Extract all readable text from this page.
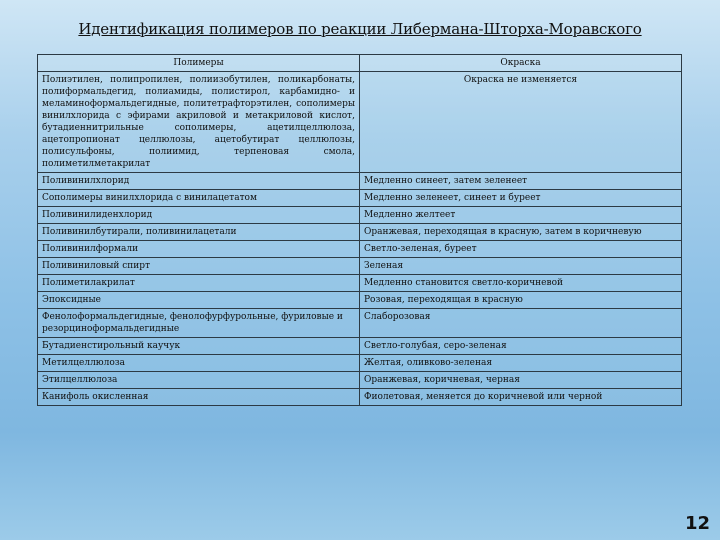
Идентификация полимеров по реакции Либермана-Шторха-Моравского
Полимеры	Окраска
Полиэтилен, полипропилен, полиизобутилен, поликарбонаты, полиформальдегид, полиамиды, полистирол, карбамидно- и меламиноформальдегидные, политетрафторэтилен, сополимеры винилхлорида с эфирами акриловой и метакриловой кислот, бутадиеннитрильные сополимеры, ацетилцеллюлоза, ацетопропионат целлюлозы, ацетобутират целлюлозы, полисульфоны, полиимид, терпеновая смола, полиметилметакрилат	Окраска не изменяется
Поливинилхлорид	Медленно синеет, затем зеленеет
Сополимеры винилхлорида с винилацетатом	Медленно зеленеет, синеет и буреет
Поливинилиденхлорид	Медленно желтеет
Поливинилбутирали, поливинилацетали	Оранжевая, переходящая в красную, затем в коричневую
Поливинилформали	Светло-зеленая, буреет
Поливиниловый спирт	Зеленая
Полиметилакрилат	Медленно становится светло-коричневой
Эпоксидные	Розовая, переходящая в красную
Фенолоформальдегидные, фенолофурфурольные, фуриловые и резорциноформальдегидные	Слаборозовая
Бутадиенстирольный каучук	Светло-голубая, серо-зеленая
Метилцеллюлоза	Желтая, оливково-зеленая
Этилцеллюлоза	Оранжевая, коричневая, черная
Канифоль окисленная	Фиолетовая, меняется до коричневой или черной
12
